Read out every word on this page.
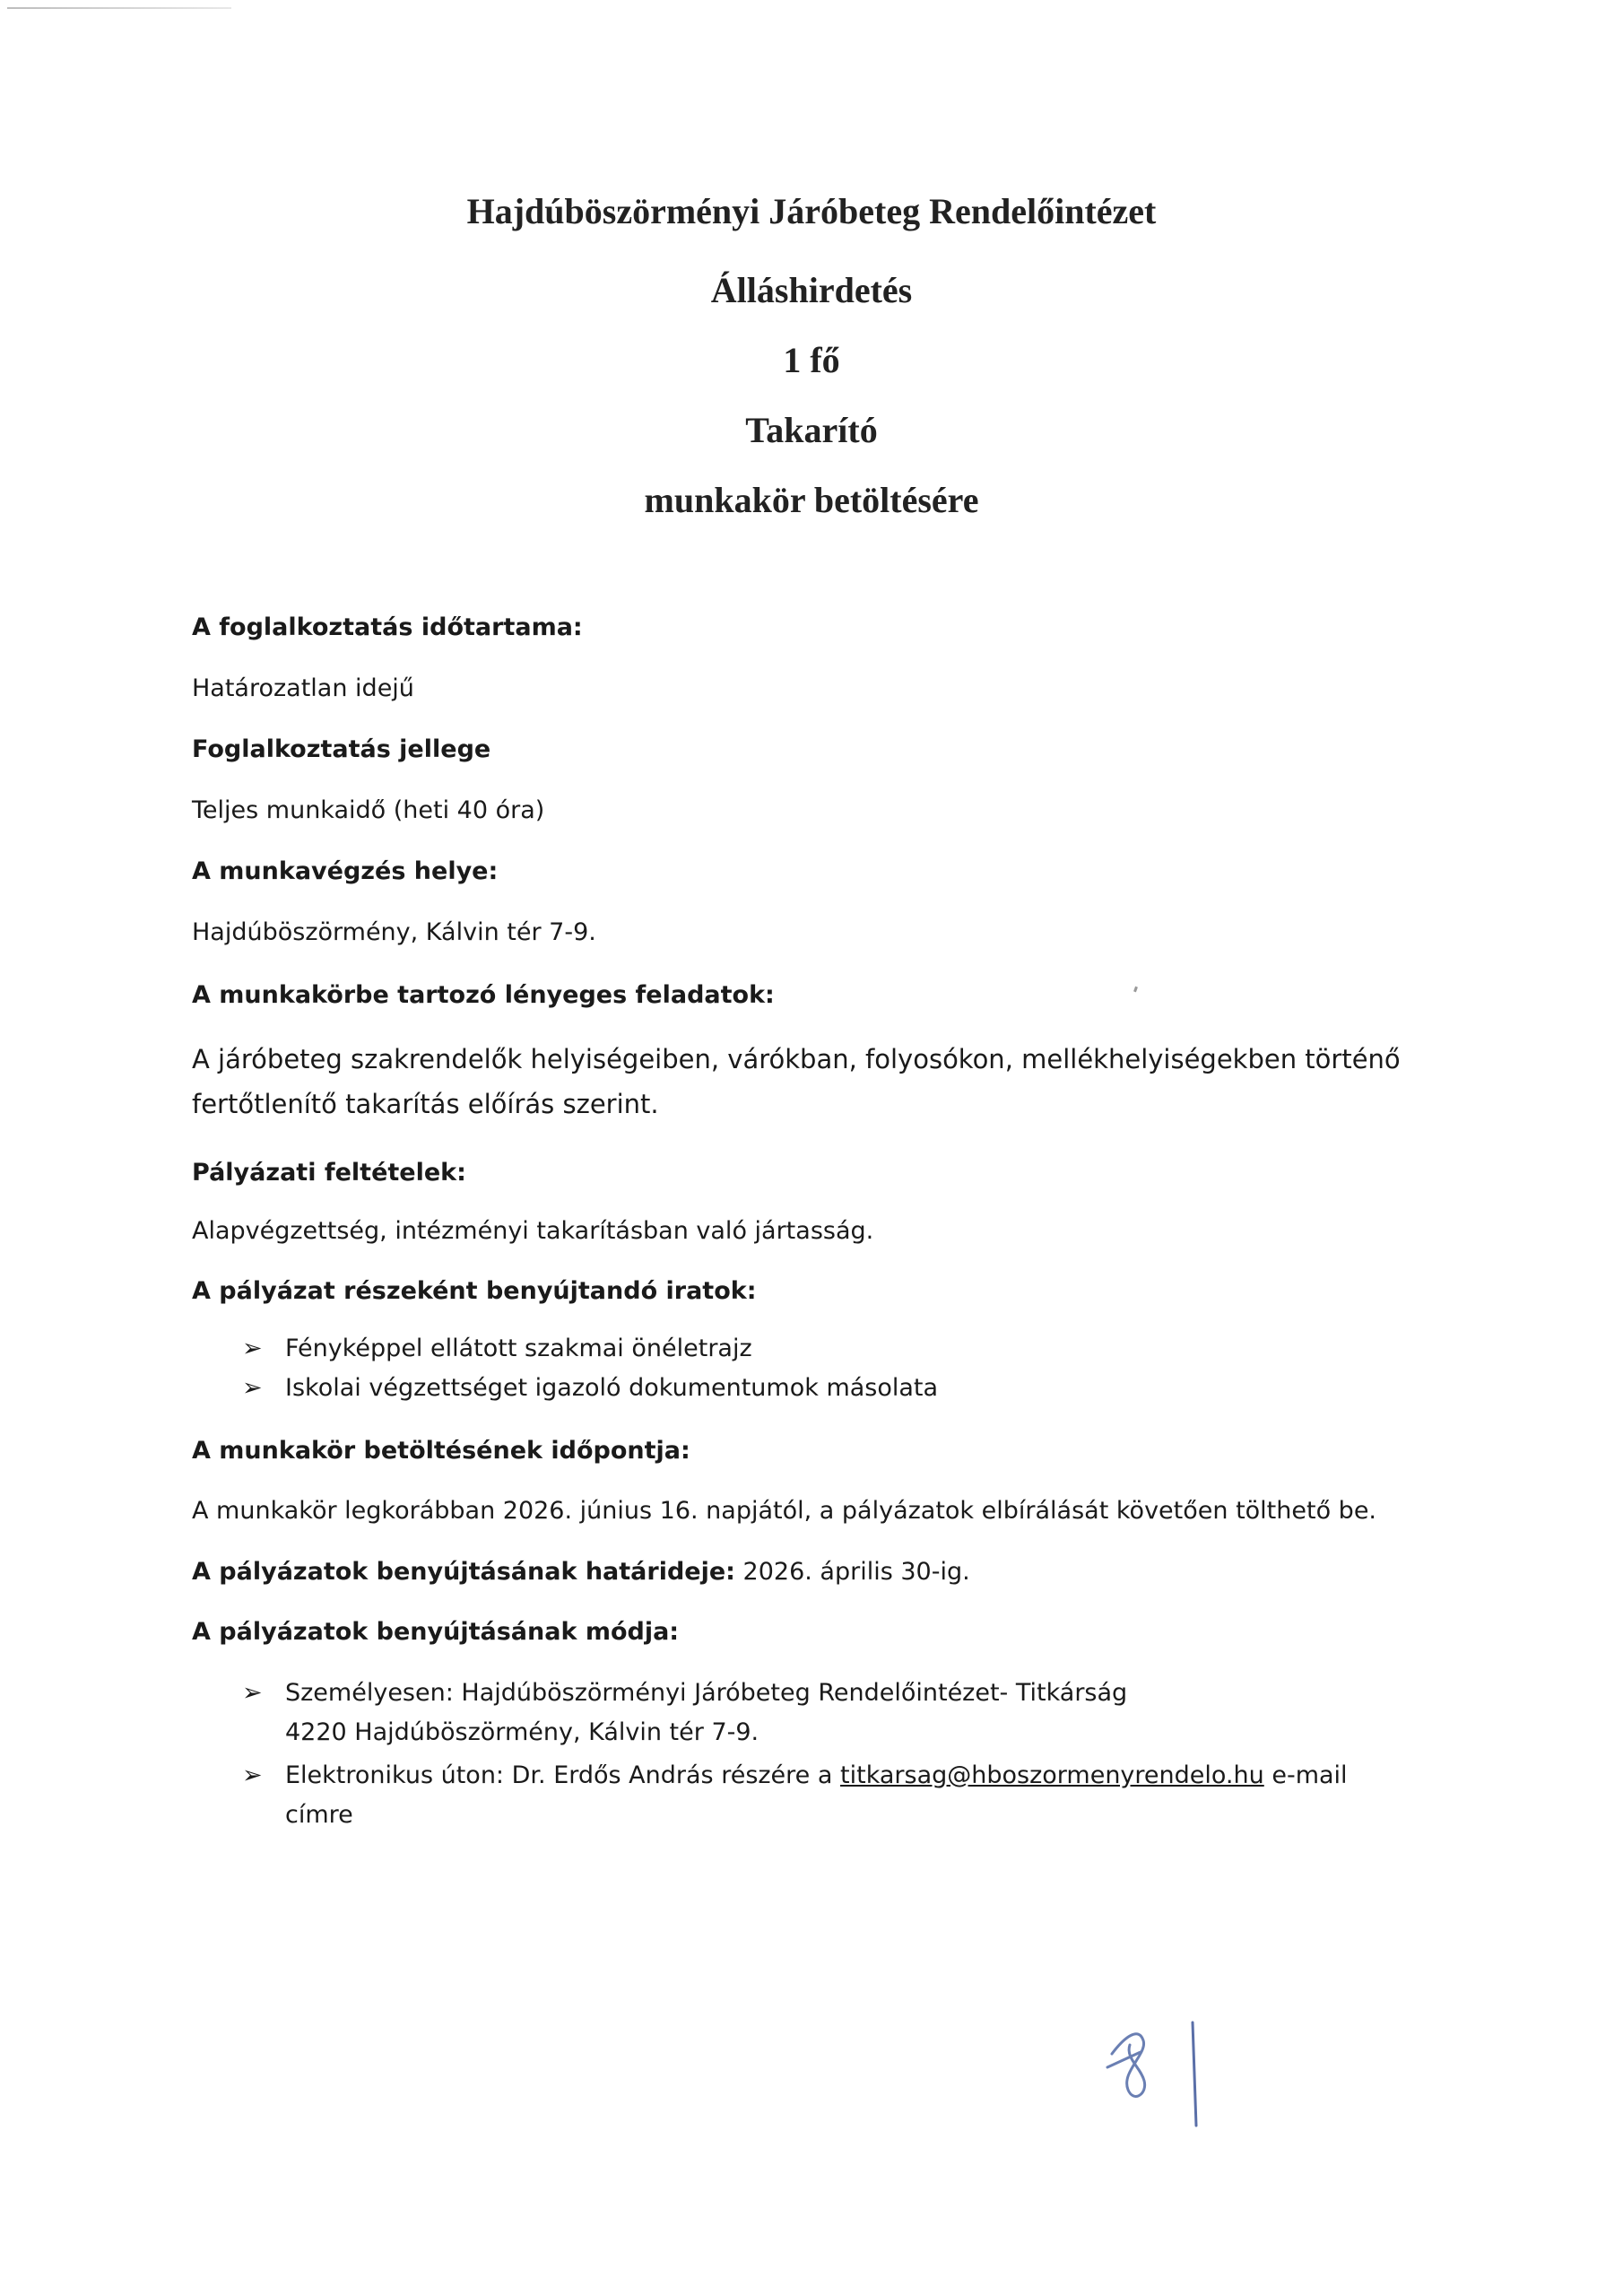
Hajdúböszörményi Járóbeteg Rendelőintézet
Álláshirdetés
1 fő
Takarító
munkakör betöltésére
A foglalkoztatás időtartama:
Határozatlan idejű
Foglalkoztatás jellege
Teljes munkaidő (heti 40 óra)
A munkavégzés helye:
Hajdúböszörmény, Kálvin tér 7-9.
A munkakörbe tartozó lényeges feladatok:
A járóbeteg szakrendelők helyiségeiben, várókban, folyosókon, mellékhelyiségekben történő
fertőtlenítő takarítás előírás szerint.
Pályázati feltételek:
Alapvégzettség, intézményi takarításban való jártasság.
A pályázat részeként benyújtandó iratok:
➢ Fényképpel ellátott szakmai önéletrajz
➢ Iskolai végzettséget igazoló dokumentumok másolata
A munkakör betöltésének időpontja:
A munkakör legkorábban 2026. június 16. napjától, a pályázatok elbírálását követően tölthető be.
A pályázatok benyújtásának határideje: 2026. április 30-ig.
A pályázatok benyújtásának módja:
➢ Személyesen: Hajdúböszörményi Járóbeteg Rendelőintézet- Titkárság
4220 Hajdúböszörmény, Kálvin tér 7-9.
➢ Elektronikus úton: Dr. Erdős András részére a titkarsag@hboszormenyrendelo.hu e-mail
címre
